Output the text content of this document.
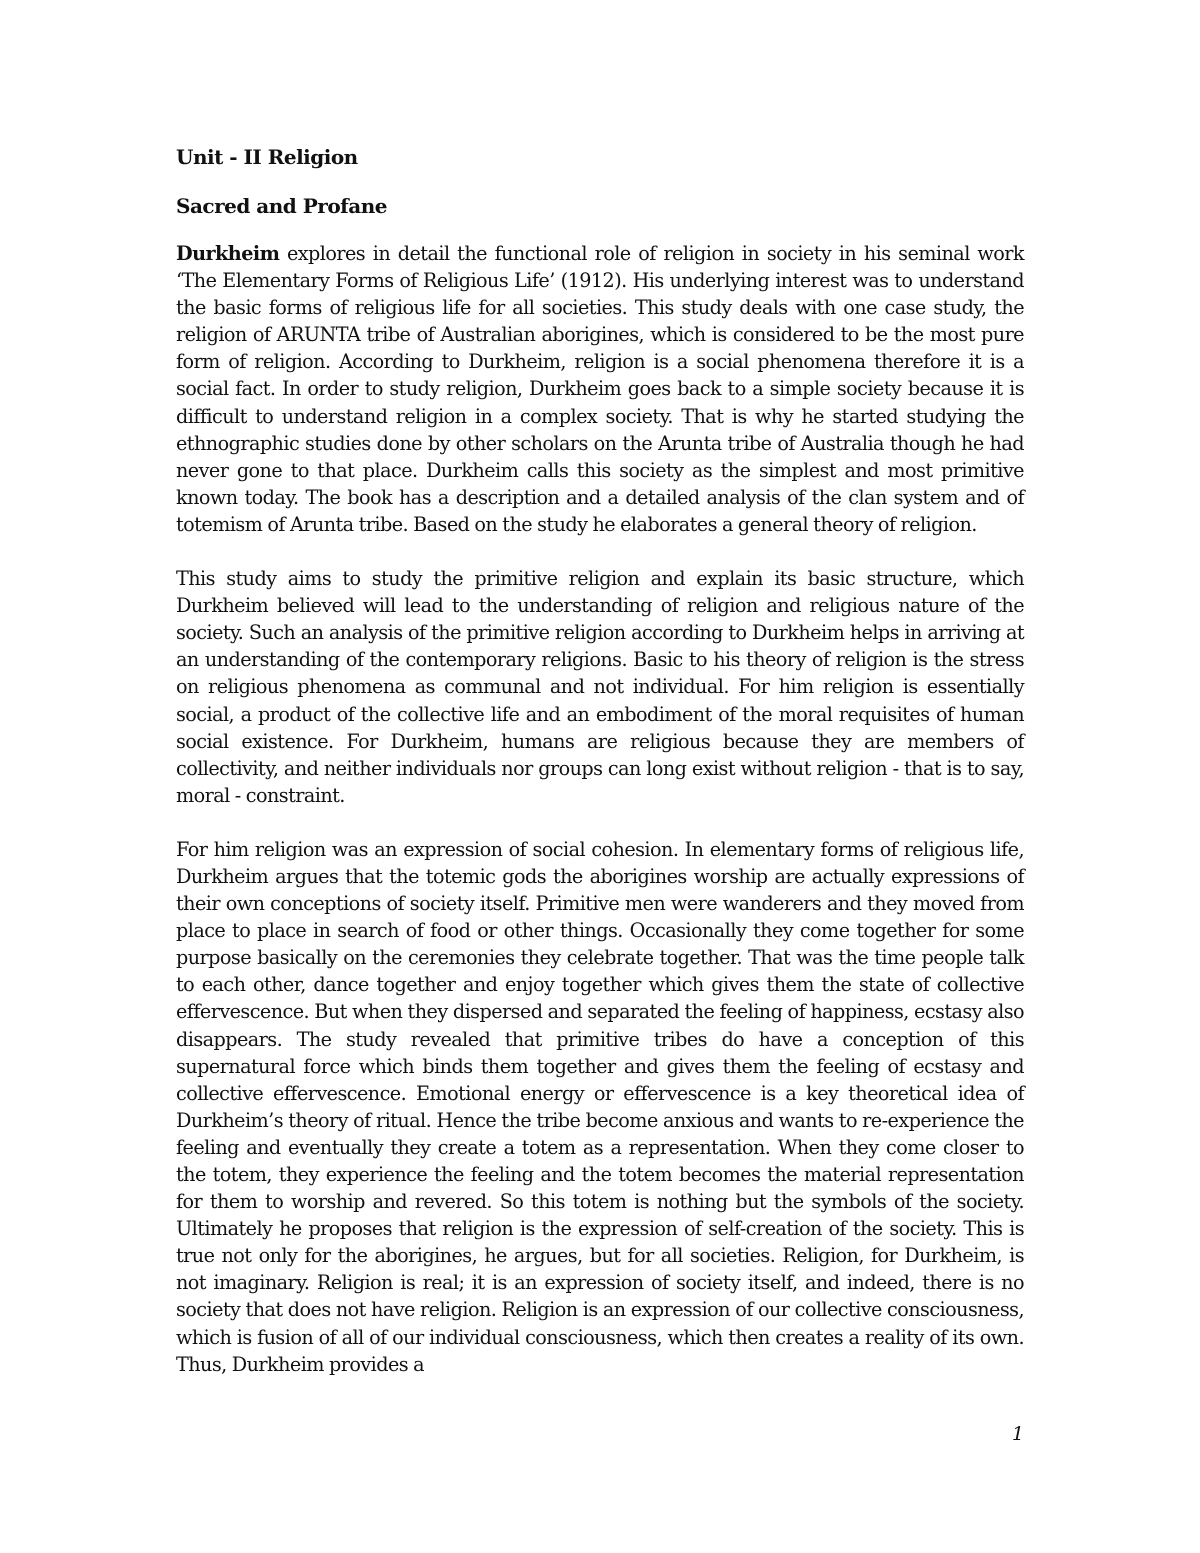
Unit - II Religion
Sacred and Profane

Durkheim explores in detail the functional role of religion in society in his seminal work ‘The Elementary Forms of Religious Life’ (1912). His underlying interest was to understand the basic forms of religious life for all societies. This study deals with one case study, the religion of ARUNTA tribe of Australian aborigines, which is considered to be the most pure form of religion. According to Durkheim, religion is a social phenomena therefore it is a social fact. In order to study religion, Durkheim goes back to a simple society because it is difficult to understand religion in a complex society. That is why he started studying the ethnographic studies done by other scholars on the Arunta tribe of Australia though he had never gone to that place. Durkheim calls this society as the simplest and most primitive known today. The book has a description and a detailed analysis of the clan system and of totemism of Arunta tribe. Based on the study he elaborates a general theory of religion.

This study aims to study the primitive religion and explain its basic structure, which Durkheim believed will lead to the understanding of religion and religious nature of the society. Such an analysis of the primitive religion according to Durkheim helps in arriving at an understanding of the contemporary religions. Basic to his theory of religion is the stress on religious phenomena as communal and not individual. For him religion is essentially social, a product of the collective life and an embodiment of the moral requisites of human social existence. For Durkheim, humans are religious because they are members of collectivity, and neither individuals nor groups can long exist without religion - that is to say, moral - constraint.

For him religion was an expression of social cohesion. In elementary forms of religious life, Durkheim argues that the totemic gods the aborigines worship are actually expressions of their own conceptions of society itself. Primitive men were wanderers and they moved from place to place in search of food or other things. Occasionally they come together for some purpose basically on the ceremonies they celebrate together. That was the time people talk to each other, dance together and enjoy together which gives them the state of collective effervescence. But when they dispersed and separated the feeling of happiness, ecstasy also disappears. The study revealed that primitive tribes do have a conception of this supernatural force which binds them together and gives them the feeling of ecstasy and collective effervescence. Emotional energy or effervescence is a key theoretical idea of Durkheim’s theory of ritual. Hence the tribe become anxious and wants to re-experience the feeling and eventually they create a totem as a representation. When they come closer to the totem, they experience the feeling and the totem becomes the material representation for them to worship and revered. So this totem is nothing but the symbols of the society. Ultimately he proposes that religion is the expression of self-creation of the society. This is true not only for the aborigines, he argues, but for all societies. Religion, for Durkheim, is not imaginary. Religion is real; it is an expression of society itself, and indeed, there is no society that does not have religion. Religion is an expression of our collective consciousness, which is fusion of all of our individual consciousness, which then creates a reality of its own. Thus, Durkheim provides a

1
